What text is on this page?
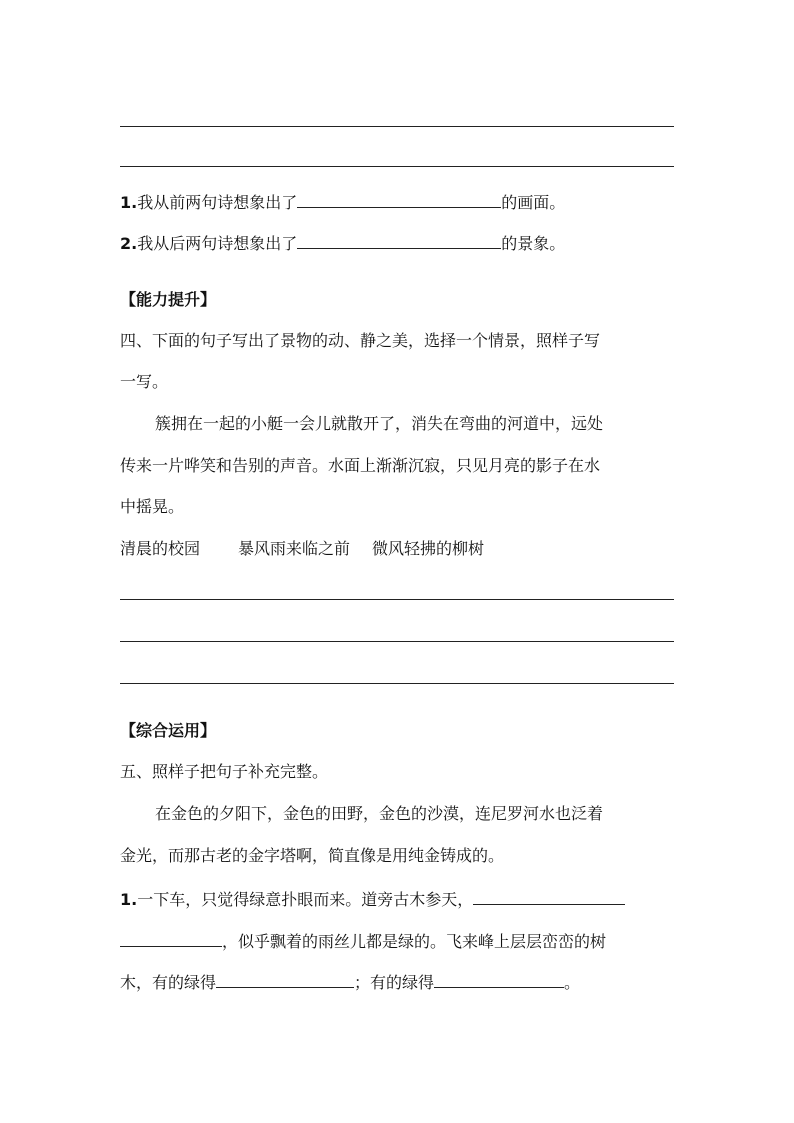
1.我从前两句诗想象出了	的画面。
2.我从后两句诗想象出了	的景象。
【能力提升】
四、下面的句子写出了景物的动、静之美，选择一个情景，照样子写
一写。
簇拥在一起的小艇一会儿就散开了，消失在弯曲的河道中，远处
传来一片哗笑和告别的声音。水面上渐渐沉寂，只见月亮的影子在水
中摇晃。
清晨的校园 暴风雨来临之前 微风轻拂的柳树
【综合运用】
五、照样子把句子补充完整。
在金色的夕阳下，金色的田野，金色的沙漠，连尼罗河水也泛着
金光，而那古老的金字塔啊，简直像是用纯金铸成的。
1.一下车，只觉得绿意扑眼而来。道旁古木参天，
，似乎飘着的雨丝儿都是绿的。飞来峰上层层峦峦的树
木，有的绿得	；有的绿得	。
